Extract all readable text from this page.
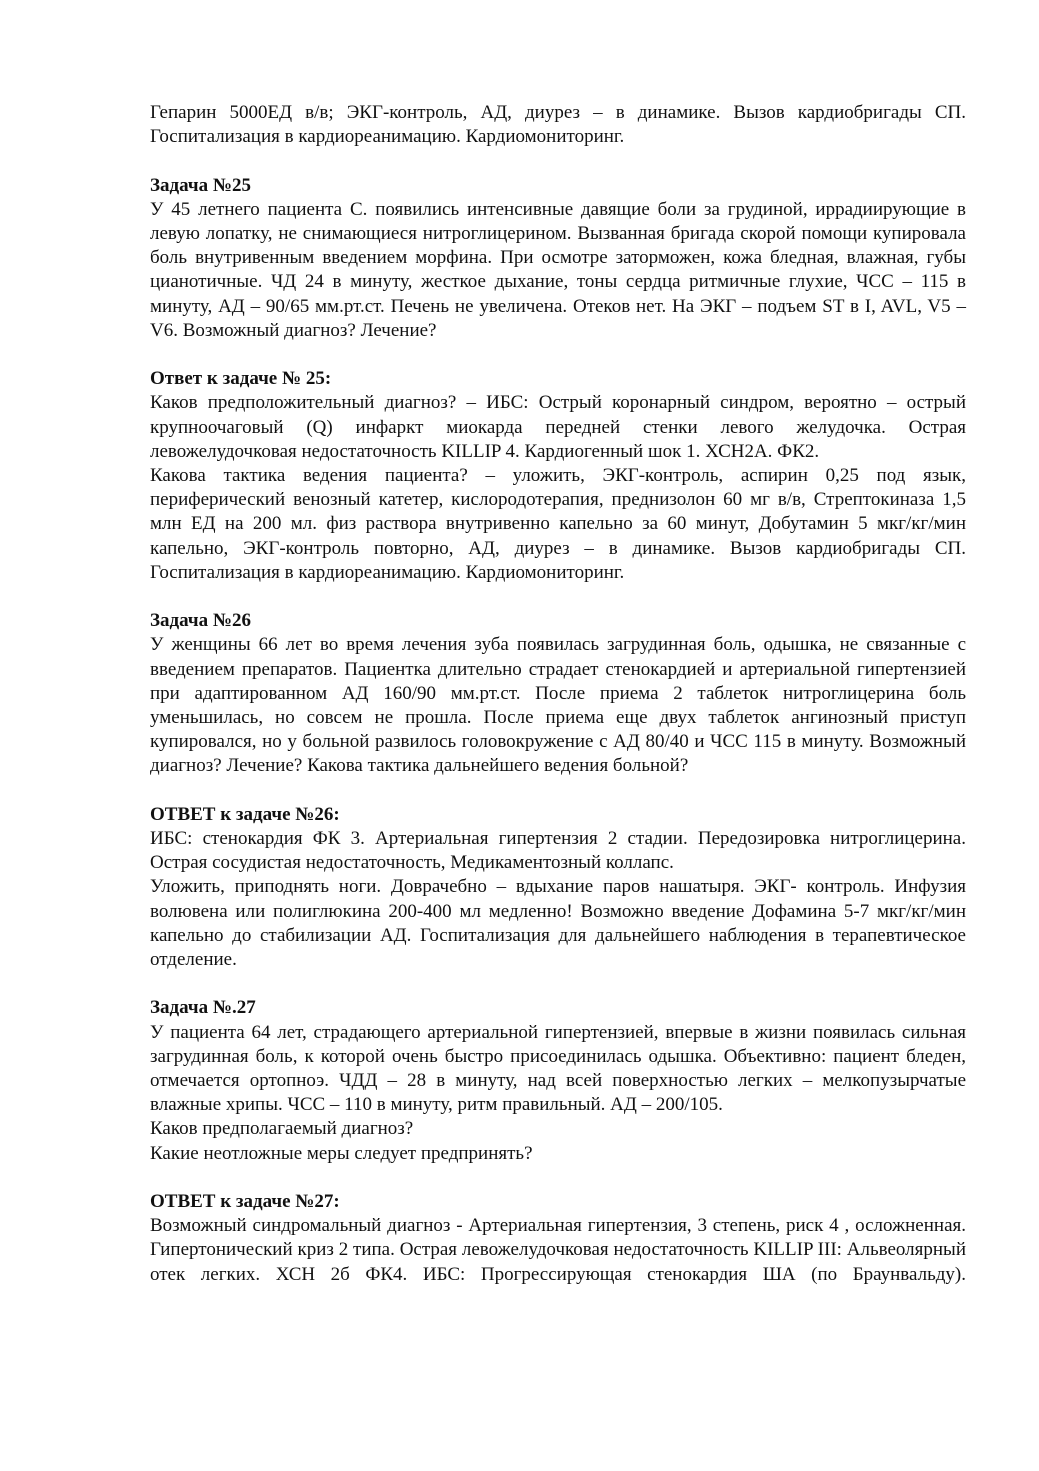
Гепарин 5000ЕД в/в; ЭКГ-контроль, АД, диурез – в динамике. Вызов кардиобригады СП. Госпитализация в кардиореанимацию. Кардиомониторинг.

Задача №25

У 45 летнего пациента С. появились интенсивные давящие боли за грудиной, иррадиирующие в левую лопатку, не снимающиеся нитроглицерином. Вызванная бригада скорой помощи купировала боль внутривенным введением морфина. При осмотре заторможен, кожа бледная, влажная, губы цианотичные. ЧД 24 в минуту, жесткое дыхание, тоны сердца ритмичные глухие, ЧСС – 115 в минуту, АД – 90/65 мм.рт.ст. Печень не увеличена. Отеков нет. На ЭКГ – подъем ST в I, AVL, V5 – V6. Возможный диагноз? Лечение?

Ответ к задаче № 25:

Каков предположительный диагноз? – ИБС: Острый коронарный синдром, вероятно – острый крупноочаговый (Q) инфаркт миокарда передней стенки левого желудочка. Острая левожелудочковая недостаточность KILLIP 4. Кардиогенный шок 1. ХСН2А. ФК2.

Какова тактика ведения пациента? – уложить, ЭКГ-контроль, аспирин 0,25 под язык, периферический венозный катетер, кислородотерапия, преднизолон 60 мг в/в, Стрептокиназа 1,5 млн ЕД на 200 мл. физ раствора внутривенно капельно за 60 минут, Добутамин 5 мкг/кг/мин капельно, ЭКГ-контроль повторно, АД, диурез – в динамике. Вызов кардиобригады СП. Госпитализация в кардиореанимацию. Кардиомониторинг.

Задача №26

У женщины 66 лет во время лечения зуба появилась загрудинная боль, одышка, не связанные с введением препаратов. Пациентка длительно страдает стенокардией и артериальной гипертензией при адаптированном АД 160/90 мм.рт.ст. После приема 2 таблеток нитроглицерина боль уменьшилась, но совсем не прошла. После приема еще двух таблеток ангинозный приступ купировался, но у больной развилось головокружение с АД 80/40 и ЧСС 115 в минуту. Возможный диагноз? Лечение? Какова тактика дальнейшего ведения больной?

ОТВЕТ к задаче №26:

ИБС: стенокардия ФК 3. Артериальная гипертензия 2 стадии. Передозировка нитроглицерина. Острая сосудистая недостаточность, Медикаментозный коллапс.

Уложить, приподнять ноги. Доврачебно – вдыхание паров нашатыря. ЭКГ- контроль. Инфузия волювена или полиглюкина 200-400 мл медленно! Возможно введение Дофамина 5-7 мкг/кг/мин капельно до стабилизации АД. Госпитализация для дальнейшего наблюдения в терапевтическое отделение.

Задача №.27

У пациента 64 лет, страдающего артериальной гипертензией, впервые в жизни появилась сильная загрудинная боль, к которой очень быстро присоединилась одышка. Объективно: пациент бледен, отмечается ортопноэ. ЧДД – 28 в минуту, над всей поверхностью легких – мелкопузырчатые влажные хрипы. ЧСС – 110 в минуту, ритм правильный. АД – 200/105.

Каков предполагаемый диагноз?

Какие неотложные меры следует предпринять?

ОТВЕТ к задаче №27:

Возможный синдромальный диагноз - Артериальная гипертензия, 3 степень, риск 4 , осложненная. Гипертонический криз 2 типа. Острая левожелудочковая недостаточность KILLIP III: Альвеолярный отек легких. ХСН 2б ФК4. ИБС: Прогрессирующая стенокардия ША (по Браунвальду).
